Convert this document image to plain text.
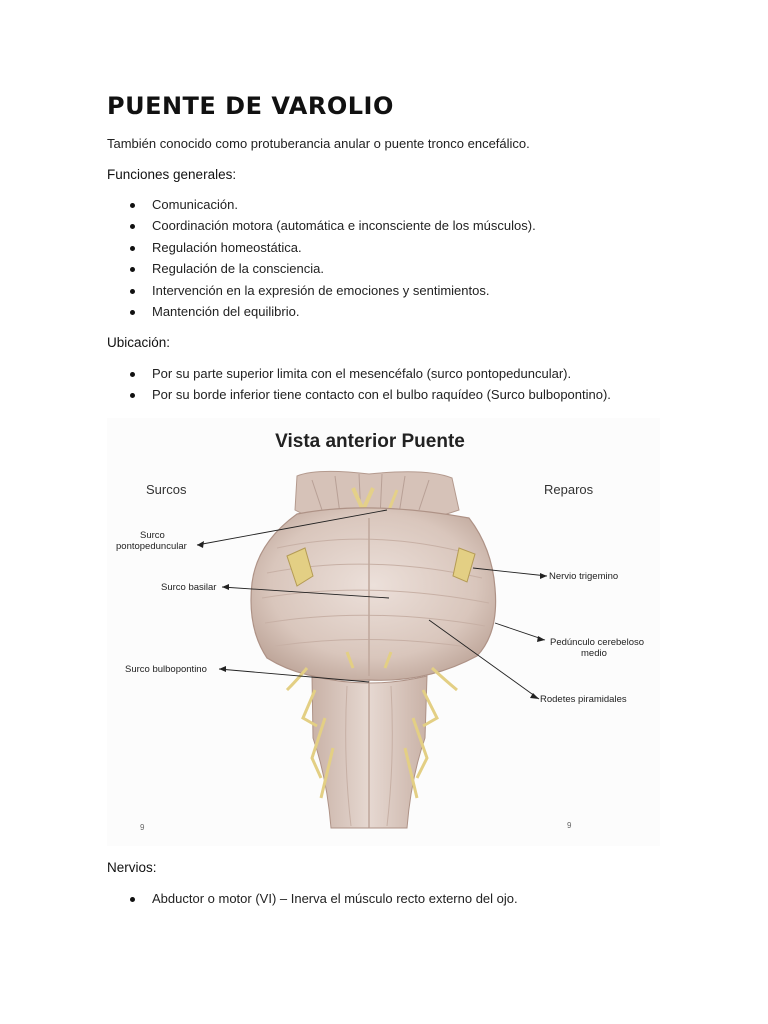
PUENTE DE VAROLIO
También conocido como protuberancia anular o puente tronco encefálico.
Funciones generales:
Comunicación.
Coordinación motora (automática e inconsciente de los músculos).
Regulación homeostática.
Regulación de la consciencia.
Intervención en la expresión de emociones y sentimientos.
Mantención del equilibrio.
Ubicación:
Por su parte superior limita con el mesencéfalo (surco pontopeduncular).
Por su borde inferior tiene contacto con el bulbo raquídeo (Surco bulbopontino).
Vista anterior Puente
Surcos	Reparos
Surco
pontopeduncular
Surco basilar
Surco bulbopontino
Nervio trigemino
Pedúnculo cerebeloso
medio
Rodetes piramidales
9	9
Nervios:
Abductor o motor (VI) – Inerva el músculo recto externo del ojo.
